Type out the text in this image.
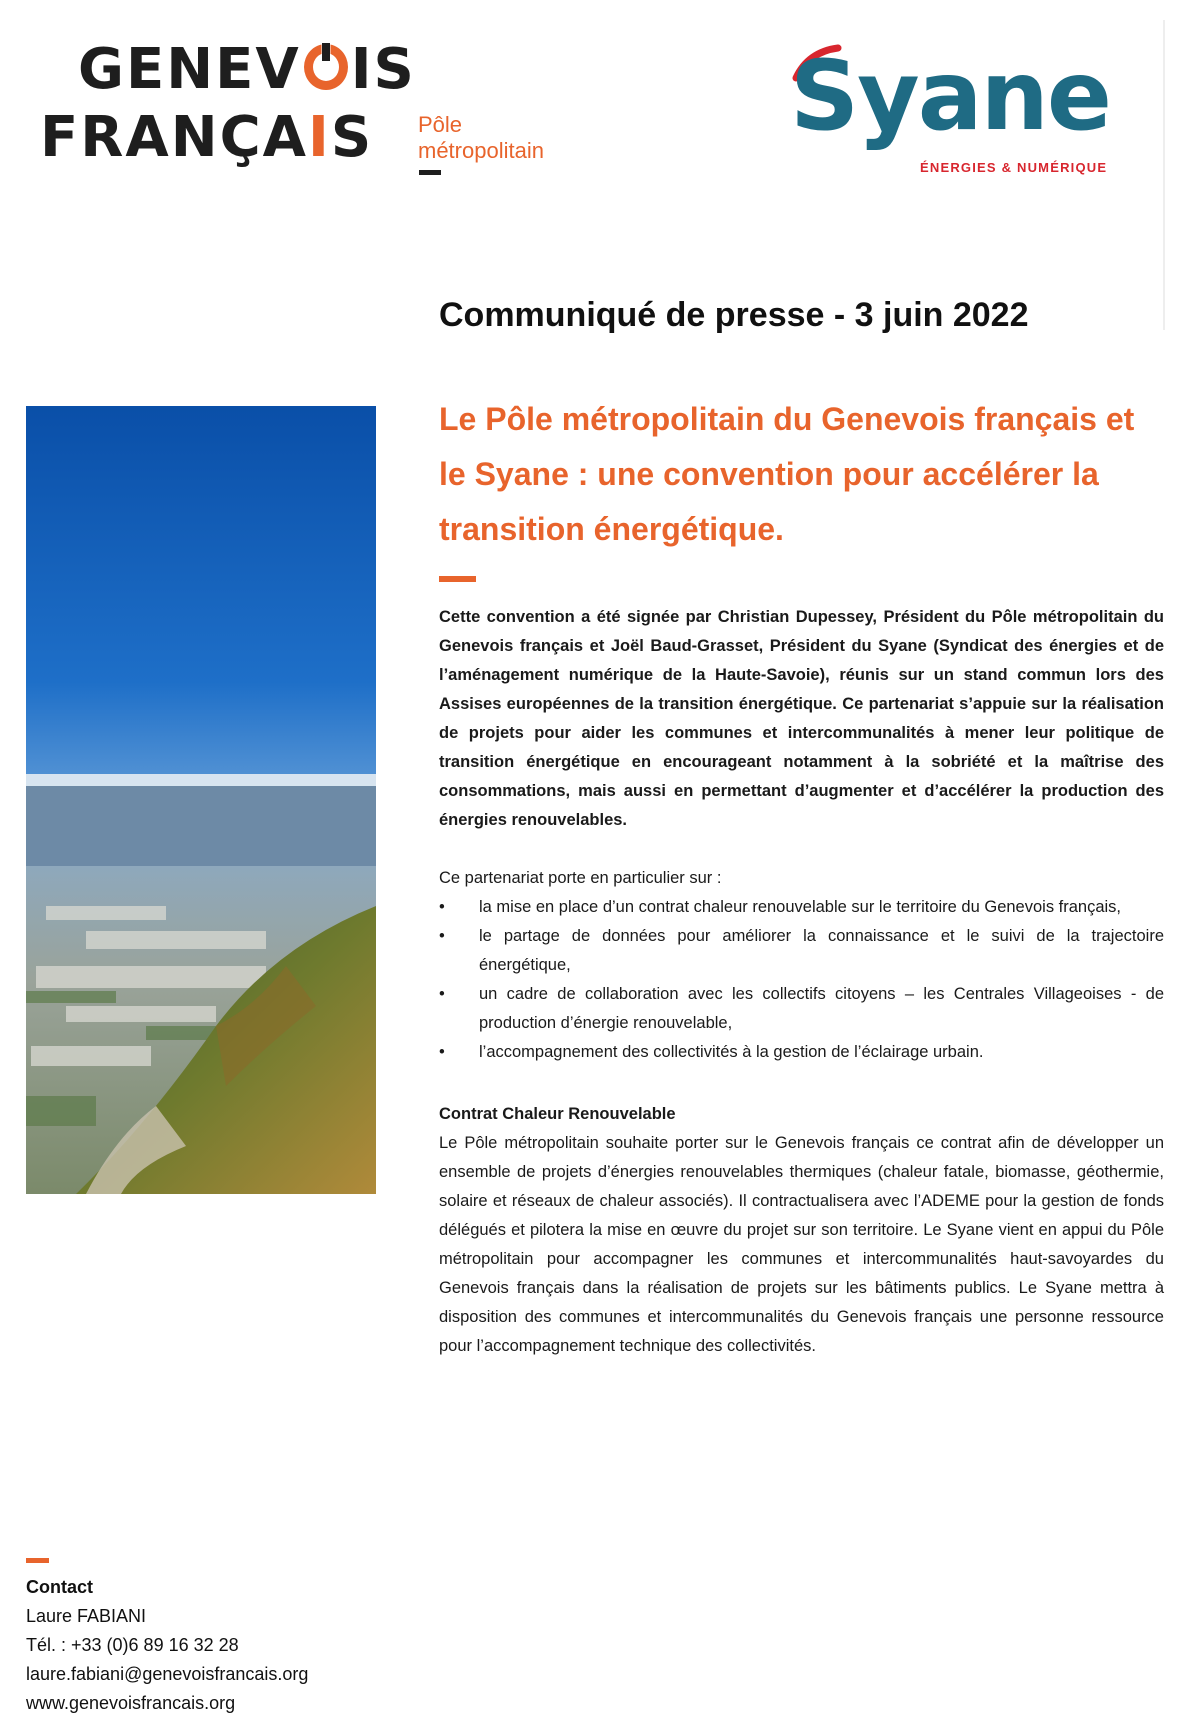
GENEV IS
FRANÇAIS Pôle
métropolitain	Syane
ÉNERGIES & NUMÉRIQUE
Communiqué de presse - 3 juin 2022
Le Pôle métropolitain du Genevois français et le Syane : une convention pour accélérer la transition énergétique.

Cette convention a été signée par Christian Dupessey, Président du Pôle métropolitain du Genevois français et Joël Baud-Grasset, Président du Syane (Syndicat des énergies et de l’aménagement numérique de la Haute-Savoie), réunis sur un stand commun lors des Assises européennes de la transition énergétique. Ce partenariat s’appuie sur la réalisation de projets pour aider les communes et intercommunalités à mener leur politique de transition énergétique en encourageant notamment à la sobriété et la maîtrise des consommations, mais aussi en permettant d’augmenter et d’accélérer la production des énergies renouvelables.

Ce partenariat porte en particulier sur :

• la mise en place d’un contrat chaleur renouvelable sur le territoire du Genevois français,
• le partage de données pour améliorer la connaissance et le suivi de la trajectoire énergétique,
• un cadre de collaboration avec les collectifs citoyens – les Centrales Villageoises - de production d’énergie renouvelable,
• l’accompagnement des collectivités à la gestion de l’éclairage urbain.
Contrat Chaleur Renouvelable

Le Pôle métropolitain souhaite porter sur le Genevois français ce contrat afin de développer un ensemble de projets d’énergies renouvelables thermiques (chaleur fatale, biomasse, géothermie, solaire et réseaux de chaleur associés). Il contractualisera avec l’ADEME pour la gestion de fonds délégués et pilotera la mise en œuvre du projet sur son territoire. Le Syane vient en appui du Pôle métropolitain pour accompagner les communes et intercommunalités haut-savoyardes du Genevois français dans la réalisation de projets sur les bâtiments publics. Le Syane mettra à disposition des communes et intercommunalités du Genevois français une personne ressource pour l’accompagnement technique des collectivités.

Contact
Laure FABIANI
Tél. : +33 (0)6 89 16 32 28
laure.fabiani@genevoisfrancais.org
www.genevoisfrancais.org
